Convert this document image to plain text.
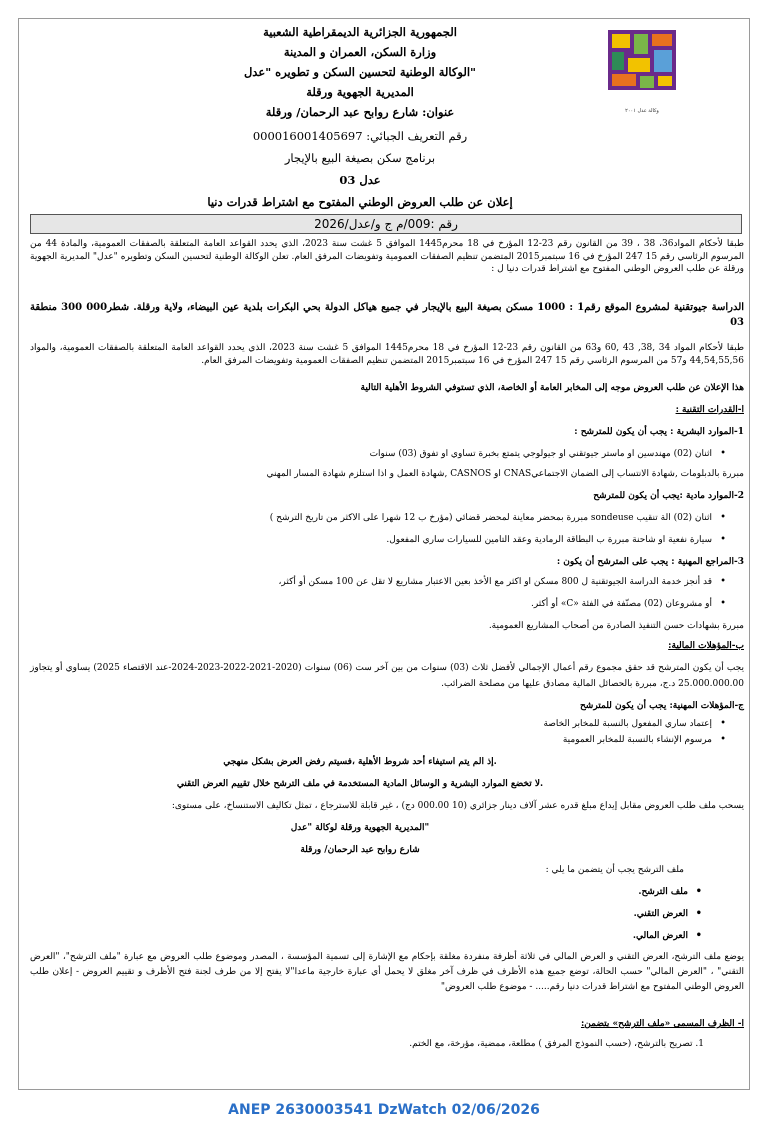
وكالة عدل ٢٠٠١
الجمهورية الجزائرية الديمقراطية الشعبية
وزارة السكن، العمران و المدينة
الوكالة الوطنية لتحسين السكن و تطويره "عدل"
المديرية الجهوية ورقلة
عنوان: شارع روابح عبد الرحمان/ ورقلة
رقم التعريف الجبائي: 000016001405697
برنامج سكن بصيغة البيع بالإيجار
عدل 03
إعلان عن طلب العروض الوطني المفتوح مع اشتراط قدرات دنيا
رقم :009/م ج و/عدل/2026
طبقا لأحكام المواد36، 38 ، 39 من القانون رقم 23-12 المؤرخ في 18 محرم1445 الموافق 5 غشت سنة 2023، الذي يحدد القواعد العامة المتعلقة بالصفقات العمومية، والمادة 44 من المرسوم الرئاسي رقم 15 247 المؤرخ في 16 سبتمبر2015 المتضمن تنظيم الصفقات العمومية وتفويضات المرفق العام. تعلن الوكالة الوطنية لتحسين السكن وتطويره "عدل" المديرية الجهوية ورقلة عن طلب العروض الوطني المفتوح مع اشتراط قدرات دنيا ل :
الدراسة جيوتقنية لمشروع الموقع رقم1 : 1000 مسكن بصيغة البيع بالإيجار في جميع هياكل الدولة بحي البكرات بلدية عين البيضاء، ولاية ورقلة. شطر000 300 منطقة 03
طبقا لأحكام المواد 34 ,38, 43 ,60 و63 من القانون رقم 23-12 المؤرخ في 18 محرم1445 الموافق 5 غشت سنة 2023، الذي يحدد القواعد العامة المتعلقة بالصفقات العمومية، والمواد 44,54,55,56 و57 من المرسوم الرئاسي رقم 15 247 المؤرخ في 16 سبتمبر2015 المتضمن تنظيم الصفقات العمومية وتفويضات المرفق العام.
هذا الإعلان عن طلب العروض موجه إلى المخابر العامة أو الخاصة، الذي تستوفي الشروط الأهلية التالية
ا-القدرات التقنية :
1-الموارد البشرية : يجب أن يكون للمترشح :
• اثنان (02) مهندسين او ماستر جيوتقني او جيولوجي يتمتع بخبرة تساوي او تفوق (03) سنوات
مبررة بالدبلومات ,شهادة الانتساب إلى الضمان الاجتماعيCNAS او CASNOS ,شهادة العمل و اذا استلزم شهادة المسار المهني
2-الموارد مادية :يجب أن يكون للمترشح
• اثنان (02) الة تنقيب sondeuse مبررة بمحضر معاينة لمحضر قضائي (مؤرخ ب 12 شهرا على الاكثر من تاريخ الترشح )
• سيارة نفعية او شاحنة مبررة ب البطاقة الرمادية وعقد التامين للسيارات ساري المفعول.
3-المراجع المهنية : يجب على المترشح أن يكون :
• قد أنجز خدمة الدراسة الجيوتقنية ل 800 مسكن او اكثر مع الأخذ بعين الاعتبار مشاريع لا تقل عن 100 مسكن أو أكثر،
• أو مشروعان (02) مصنّفة في الفئة «C» أو أكثر.
مبررة بشهادات حسن التنفيذ الصادرة من أصحاب المشاريع العمومية.
ب-المؤهلات المالية:
يجب أن يكون المترشح قد حقق مجموع رقم أعمال الإجمالي لأفضل ثلاث (03) سنوات من بين آخر ست (06) سنوات (2020-2021-2022-2023-2024-عند الاقتصاء 2025) يساوي أو يتجاوز 25.000.000.00 د.ج، مبررة بالحصائل المالية مصادق عليها من مصلحة الضرائب.
ج-المؤهلات المهنية: يجب أن يكون للمترشح
• إعتماد ساري المفعول بالنسبة للمخابر الخاصة
• مرسوم الإنشاء بالنسبة للمخابر العمومية
إذ الم يتم استيفاء أحد شروط الأهلية ،فسيتم رفض العرض بشكل منهجي.
لا تخضع الموارد البشرية و الوسائل المادية المستخدمة في ملف الترشح خلال تقييم العرض التقني.
يسحب ملف طلب العروض مقابل إيداع مبلغ قدره عشر آلاف دينار جزائري (10 000.00 دج) ، غير قابلة للاسترجاع ، تمثل تكاليف الاستنساخ، على مستوى:
المديرية الجهوية ورقلة لوكالة "عدل"
شارع روابح عبد الرحمان/ ورقلة
ملف الترشح يجب أن يتضمن ما يلي :
• ملف الترشح.
• العرض التقني.
• العرض المالي.
يوضع ملف الترشح، العرض التقني و العرض المالي في ثلاثة أظرفة منفردة مغلقة بإحكام مع الإشارة إلى تسمية المؤسسة ، المصدر وموضوع طلب العروض مع عبارة "ملف الترشح"، "العرض التقني" ، "العرض المالي" حسب الحالة، توضع جميع هذه الأظرف في ظرف آخر مغلق لا يحمل أي عبارة خارجية ماعدا"لا يفتح إلا من طرف لجنة فتح الأظرف و تقييم العروض - إعلان طلب العروض الوطني المفتوح مع اشتراط قدرات دنيا رقم..... - موضوع طلب العروض"
ا- الظرف المسمى «ملف الترشح» يتضمن:
1. تصريح بالترشح، (حسب النموذج المرفق ) مطلعة، ممضية، مؤرخة، مع الختم.
ANEP 2630003541 DzWatch 02/06/2026
